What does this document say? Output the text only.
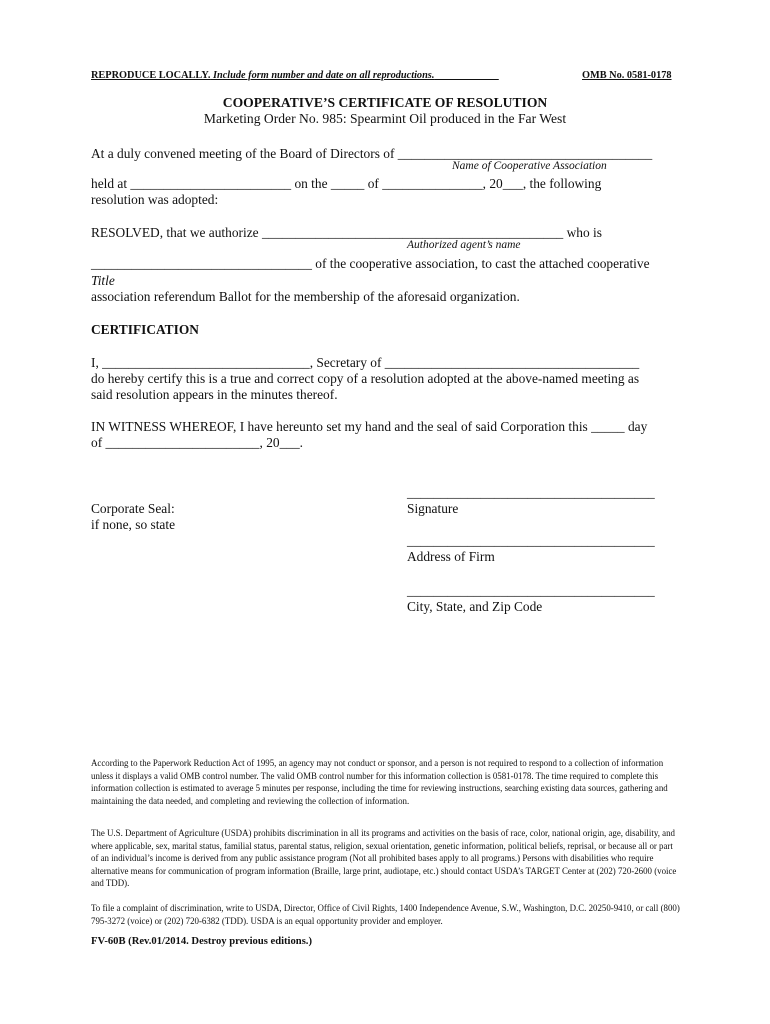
REPRODUCE LOCALLY. Include form number and date on all reproductions.	OMB No. 0581-0178
COOPERATIVE’S CERTIFICATE OF RESOLUTION
Marketing Order No. 985: Spearmint Oil produced in the Far West
At a duly convened meeting of the Board of Directors of ______________________________________
Name of Cooperative Association
held at ________________________ on the _____ of _______________, 20___, the following
resolution was adopted:
RESOLVED, that we authorize _____________________________________________ who is
Authorized agent’s name
_________________________________ of the cooperative association, to cast the attached cooperative
Title
association referendum Ballot for the membership of the aforesaid organization.
CERTIFICATION
I, _______________________________, Secretary of ______________________________________
do hereby certify this is a true and correct copy of a resolution adopted at the above-named meeting as
said resolution appears in the minutes thereof.
IN WITNESS WHEREOF, I have hereunto set my hand and the seal of said Corporation this _____ day
of _______________________, 20___.
Corporate Seal:
if none, so state
_____________________________________
Signature
_____________________________________
Address of Firm
_____________________________________
City, State, and Zip Code
According to the Paperwork Reduction Act of 1995, an agency may not conduct or sponsor, and a person is not required to respond to a collection of information unless it displays a valid OMB control number. The valid OMB control number for this information collection is 0581-0178. The time required to complete this information collection is estimated to average 5 minutes per response, including the time for reviewing instructions, searching existing data sources, gathering and maintaining the data needed, and completing and reviewing the collection of information.
The U.S. Department of Agriculture (USDA) prohibits discrimination in all its programs and activities on the basis of race, color, national origin, age, disability, and where applicable, sex, marital status, familial status, parental status, religion, sexual orientation, genetic information, political beliefs, reprisal, or because all or part of an individual’s income is derived from any public assistance program (Not all prohibited bases apply to all programs.) Persons with disabilities who require alternative means for communication of program information (Braille, large print, audiotape, etc.) should contact USDA’s TARGET Center at (202) 720-2600 (voice and TDD).
To file a complaint of discrimination, write to USDA, Director, Office of Civil Rights, 1400 Independence Avenue, S.W., Washington, D.C. 20250-9410, or call (800) 795-3272 (voice) or (202) 720-6382 (TDD). USDA is an equal opportunity provider and employer.
FV-60B (Rev.01/2014. Destroy previous editions.)
